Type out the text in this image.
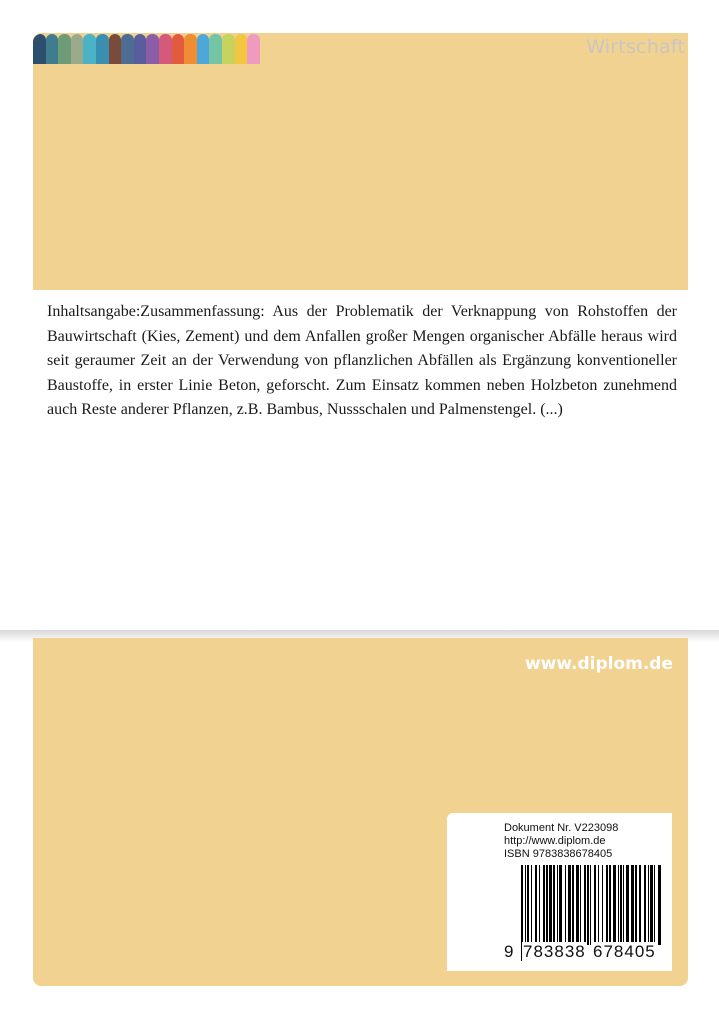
Wirtschaft

Inhaltsangabe:Zusammenfassung: Aus der Problematik der Verknappung von Rohstoffen der Bauwirtschaft (Kies, Zement) und dem Anfallen großer Mengen organischer Abfälle heraus wird seit geraumer Zeit an der Verwendung von pflanzlichen Abfällen als Ergänzung konventioneller Baustoffe, in erster Linie Beton, geforscht. Zum Einsatz kommen neben Holzbeton zunehmend auch Reste anderer Pflanzen, z.B. Bambus, Nussschalen und Palmenstengel. (...)

www.diplom.de

Dokument Nr. V223098
http://www.diplom.de
ISBN 9783838678405
9 783838 678405
